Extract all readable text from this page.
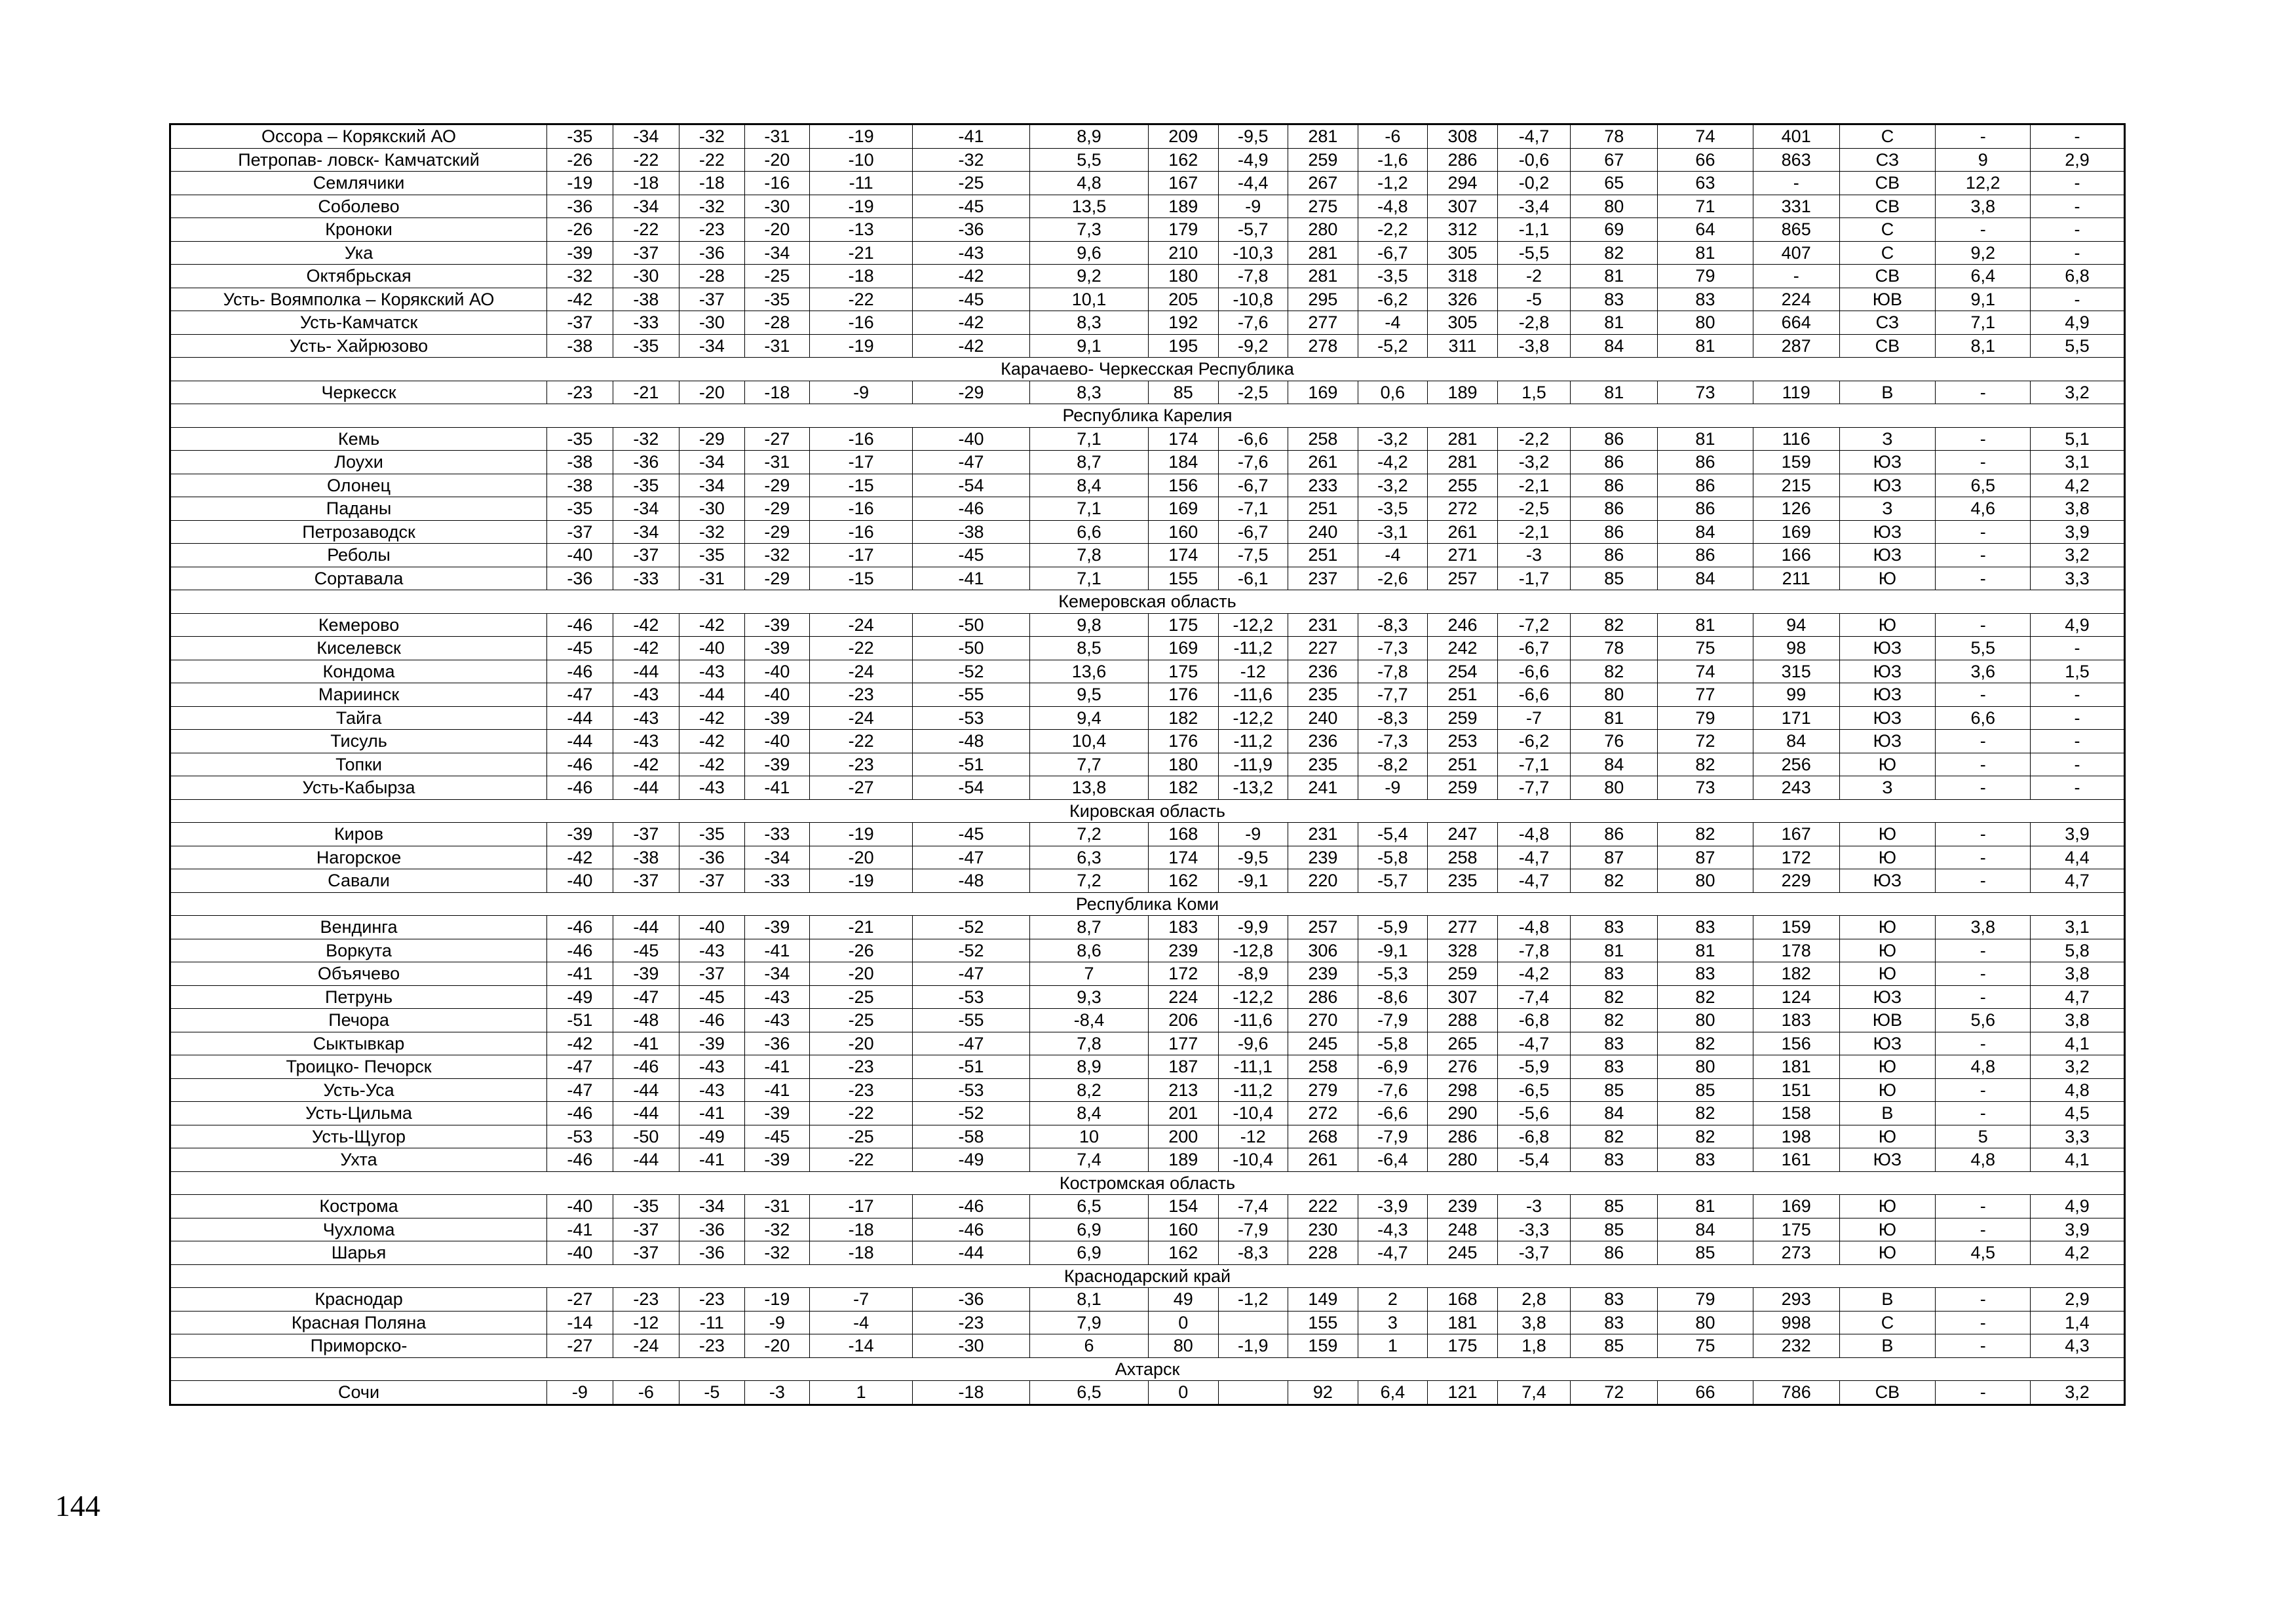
Оссора – Корякский АО	-35	-34	-32	-31	-19	-41	8,9	209	-9,5	281	-6	308	-4,7	78	74	401	С	-	-
Петропав- ловск- Камчатский	-26	-22	-22	-20	-10	-32	5,5	162	-4,9	259	-1,6	286	-0,6	67	66	863	СЗ	9	2,9
Семлячики	-19	-18	-18	-16	-11	-25	4,8	167	-4,4	267	-1,2	294	-0,2	65	63	-	СВ	12,2	-
Соболево	-36	-34	-32	-30	-19	-45	13,5	189	-9	275	-4,8	307	-3,4	80	71	331	СВ	3,8	-
Кроноки	-26	-22	-23	-20	-13	-36	7,3	179	-5,7	280	-2,2	312	-1,1	69	64	865	С	-	-
Ука	-39	-37	-36	-34	-21	-43	9,6	210	-10,3	281	-6,7	305	-5,5	82	81	407	С	9,2	-
Октябрьская	-32	-30	-28	-25	-18	-42	9,2	180	-7,8	281	-3,5	318	-2	81	79	-	СВ	6,4	6,8
Усть- Воямполка – Корякский АО	-42	-38	-37	-35	-22	-45	10,1	205	-10,8	295	-6,2	326	-5	83	83	224	ЮВ	9,1	-
Усть-Камчатск	-37	-33	-30	-28	-16	-42	8,3	192	-7,6	277	-4	305	-2,8	81	80	664	СЗ	7,1	4,9
Усть- Хайрюзово	-38	-35	-34	-31	-19	-42	9,1	195	-9,2	278	-5,2	311	-3,8	84	81	287	СВ	8,1	5,5
Карачаево- Черкесская Республика																			
Черкесск	-23	-21	-20	-18	-9	-29	8,3	85	-2,5	169	0,6	189	1,5	81	73	119	В	-	3,2
Республика Карелия																			
Кемь	-35	-32	-29	-27	-16	-40	7,1	174	-6,6	258	-3,2	281	-2,2	86	81	116	З	-	5,1
Лоухи	-38	-36	-34	-31	-17	-47	8,7	184	-7,6	261	-4,2	281	-3,2	86	86	159	ЮЗ	-	3,1
Олонец	-38	-35	-34	-29	-15	-54	8,4	156	-6,7	233	-3,2	255	-2,1	86	86	215	ЮЗ	6,5	4,2
Паданы	-35	-34	-30	-29	-16	-46	7,1	169	-7,1	251	-3,5	272	-2,5	86	86	126	З	4,6	3,8
Петрозаводск	-37	-34	-32	-29	-16	-38	6,6	160	-6,7	240	-3,1	261	-2,1	86	84	169	ЮЗ	-	3,9
Реболы	-40	-37	-35	-32	-17	-45	7,8	174	-7,5	251	-4	271	-3	86	86	166	ЮЗ	-	3,2
Сортавала	-36	-33	-31	-29	-15	-41	7,1	155	-6,1	237	-2,6	257	-1,7	85	84	211	Ю	-	3,3
Кемеровская область																			
Кемерово	-46	-42	-42	-39	-24	-50	9,8	175	-12,2	231	-8,3	246	-7,2	82	81	94	Ю	-	4,9
Киселевск	-45	-42	-40	-39	-22	-50	8,5	169	-11,2	227	-7,3	242	-6,7	78	75	98	ЮЗ	5,5	-
Кондома	-46	-44	-43	-40	-24	-52	13,6	175	-12	236	-7,8	254	-6,6	82	74	315	ЮЗ	3,6	1,5
Мариинск	-47	-43	-44	-40	-23	-55	9,5	176	-11,6	235	-7,7	251	-6,6	80	77	99	ЮЗ	-	-
Тайга	-44	-43	-42	-39	-24	-53	9,4	182	-12,2	240	-8,3	259	-7	81	79	171	ЮЗ	6,6	-
Тисуль	-44	-43	-42	-40	-22	-48	10,4	176	-11,2	236	-7,3	253	-6,2	76	72	84	ЮЗ	-	-
Топки	-46	-42	-42	-39	-23	-51	7,7	180	-11,9	235	-8,2	251	-7,1	84	82	256	Ю	-	-
Усть-Кабырза	-46	-44	-43	-41	-27	-54	13,8	182	-13,2	241	-9	259	-7,7	80	73	243	З	-	-
Кировская область																			
Киров	-39	-37	-35	-33	-19	-45	7,2	168	-9	231	-5,4	247	-4,8	86	82	167	Ю	-	3,9
Нагорское	-42	-38	-36	-34	-20	-47	6,3	174	-9,5	239	-5,8	258	-4,7	87	87	172	Ю	-	4,4
Савали	-40	-37	-37	-33	-19	-48	7,2	162	-9,1	220	-5,7	235	-4,7	82	80	229	ЮЗ	-	4,7
Республика Коми																			
Вендинга	-46	-44	-40	-39	-21	-52	8,7	183	-9,9	257	-5,9	277	-4,8	83	83	159	Ю	3,8	3,1
Воркута	-46	-45	-43	-41	-26	-52	8,6	239	-12,8	306	-9,1	328	-7,8	81	81	178	Ю	-	5,8
Объячево	-41	-39	-37	-34	-20	-47	7	172	-8,9	239	-5,3	259	-4,2	83	83	182	Ю	-	3,8
Петрунь	-49	-47	-45	-43	-25	-53	9,3	224	-12,2	286	-8,6	307	-7,4	82	82	124	ЮЗ	-	4,7
Печора	-51	-48	-46	-43	-25	-55	-8,4	206	-11,6	270	-7,9	288	-6,8	82	80	183	ЮВ	5,6	3,8
Сыктывкар	-42	-41	-39	-36	-20	-47	7,8	177	-9,6	245	-5,8	265	-4,7	83	82	156	ЮЗ	-	4,1
Троицко- Печорск	-47	-46	-43	-41	-23	-51	8,9	187	-11,1	258	-6,9	276	-5,9	83	80	181	Ю	4,8	3,2
Усть-Уса	-47	-44	-43	-41	-23	-53	8,2	213	-11,2	279	-7,6	298	-6,5	85	85	151	Ю	-	4,8
Усть-Цильма	-46	-44	-41	-39	-22	-52	8,4	201	-10,4	272	-6,6	290	-5,6	84	82	158	В	-	4,5
Усть-Щугор	-53	-50	-49	-45	-25	-58	10	200	-12	268	-7,9	286	-6,8	82	82	198	Ю	5	3,3
Ухта	-46	-44	-41	-39	-22	-49	7,4	189	-10,4	261	-6,4	280	-5,4	83	83	161	ЮЗ	4,8	4,1
Костромская область																			
Кострома	-40	-35	-34	-31	-17	-46	6,5	154	-7,4	222	-3,9	239	-3	85	81	169	Ю	-	4,9
Чухлома	-41	-37	-36	-32	-18	-46	6,9	160	-7,9	230	-4,3	248	-3,3	85	84	175	Ю	-	3,9
Шарья	-40	-37	-36	-32	-18	-44	6,9	162	-8,3	228	-4,7	245	-3,7	86	85	273	Ю	4,5	4,2
Краснодарский край																			
Краснодар	-27	-23	-23	-19	-7	-36	8,1	49	-1,2	149	2	168	2,8	83	79	293	В	-	2,9
Красная Поляна	-14	-12	-11	-9	-4	-23	7,9	0		155	3	181	3,8	83	80	998	С	-	1,4
Приморско-	-27	-24	-23	-20	-14	-30	6	80	-1,9	159	1	175	1,8	85	75	232	В	-	4,3
Ахтарск																			
Сочи	-9	-6	-5	-3	1	-18	6,5	0		92	6,4	121	7,4	72	66	786	СВ	-	3,2
144
